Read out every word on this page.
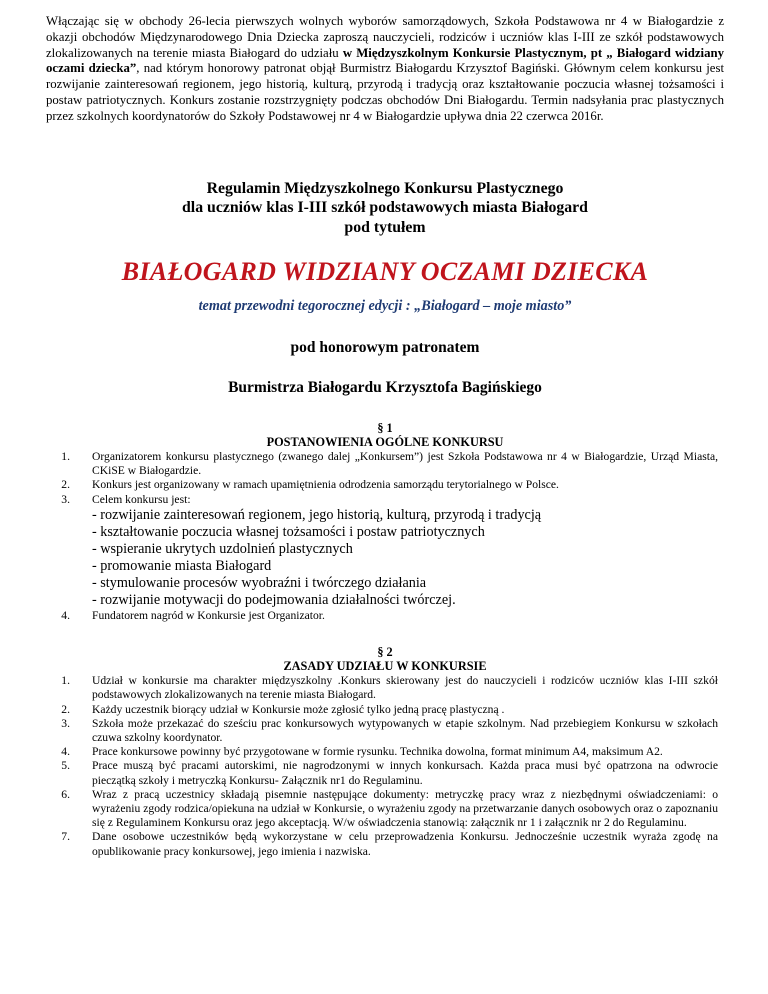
Włączając się w obchody 26-lecia pierwszych wolnych wyborów samorządowych, Szkoła Podstawowa nr 4 w Białogardzie z okazji obchodów Międzynarodowego Dnia Dziecka zaproszą nauczycieli, rodziców i uczniów klas I-III ze szkół podstawowych zlokalizowanych na terenie miasta Białogard do udziału w Międzyszkolnym Konkursie Plastycznym, pt „ Białogard widziany oczami dziecka”, nad którym honorowy patronat objął Burmistrz Białogardu Krzysztof Bagiński. Głównym celem konkursu jest rozwijanie zainteresowań regionem, jego historią, kulturą, przyrodą i tradycją oraz kształtowanie poczucia własnej tożsamości i postaw patriotycznych. Konkurs zostanie rozstrzygnięty podczas obchodów Dni Białogardu. Termin nadsyłania prac plastycznych przez szkolnych koordynatorów do Szkoły Podstawowej nr 4 w Białogardzie upływa dnia 22 czerwca 2016r.

Regulamin Międzyszkolnego Konkursu Plastycznego
dla uczniów klas I-III szkół podstawowych miasta Białogard
pod tytułem
BIAŁOGARD WIDZIANY OCZAMI DZIECKA
temat przewodni tegorocznej edycji : „Białogard – moje miasto”
pod honorowym patronatem
Burmistrza Białogardu Krzysztofa Bagińskiego
§ 1
POSTANOWIENIA OGÓLNE KONKURSU
1. Organizatorem konkursu plastycznego (zwanego dalej „Konkursem”) jest Szkoła Podstawowa nr 4 w Białogardzie, Urząd Miasta, CKiSE w Białogardzie.
2. Konkurs jest organizowany w ramach upamiętnienia odrodzenia samorządu terytorialnego w Polsce.
3. Celem konkursu jest:
- rozwijanie zainteresowań regionem, jego historią, kulturą, przyrodą i tradycją
- kształtowanie poczucia własnej tożsamości i postaw patriotycznych
- wspieranie ukrytych uzdolnień plastycznych
- promowanie miasta Białogard
- stymulowanie procesów wyobraźni i twórczego działania
- rozwijanie motywacji do podejmowania działalności twórczej.
4. Fundatorem nagród w Konkursie jest Organizator.
§ 2
ZASADY UDZIAŁU W KONKURSIE
1. Udział w konkursie ma charakter międzyszkolny .Konkurs skierowany jest do nauczycieli i rodziców uczniów klas I-III szkół podstawowych zlokalizowanych na terenie miasta Białogard.
2. Każdy uczestnik biorący udział w Konkursie może zgłosić tylko jedną pracę plastyczną .
3. Szkoła może przekazać do sześciu prac konkursowych wytypowanych w etapie szkolnym. Nad przebiegiem Konkursu w szkołach czuwa szkolny koordynator.
4. Prace konkursowe powinny być przygotowane w formie rysunku. Technika dowolna, format minimum A4, maksimum A2.
5. Prace muszą być pracami autorskimi, nie nagrodzonymi w innych konkursach. Każda praca musi być opatrzona na odwrocie pieczątką szkoły i metryczką Konkursu- Załącznik nr1 do Regulaminu.
6. Wraz z pracą uczestnicy składają pisemnie następujące dokumenty: metryczkę pracy wraz z niezbędnymi oświadczeniami: o wyrażeniu zgody rodzica/opiekuna na udział w Konkursie, o wyrażeniu zgody na przetwarzanie danych osobowych oraz o zapoznaniu się z Regulaminem Konkursu oraz jego akceptacją. W/w oświadczenia stanowią: załącznik nr 1 i załącznik nr 2 do Regulaminu.
7. Dane osobowe uczestników będą wykorzystane w celu przeprowadzenia Konkursu. Jednocześnie uczestnik wyraża zgodę na opublikowanie pracy konkursowej, jego imienia i nazwiska.
